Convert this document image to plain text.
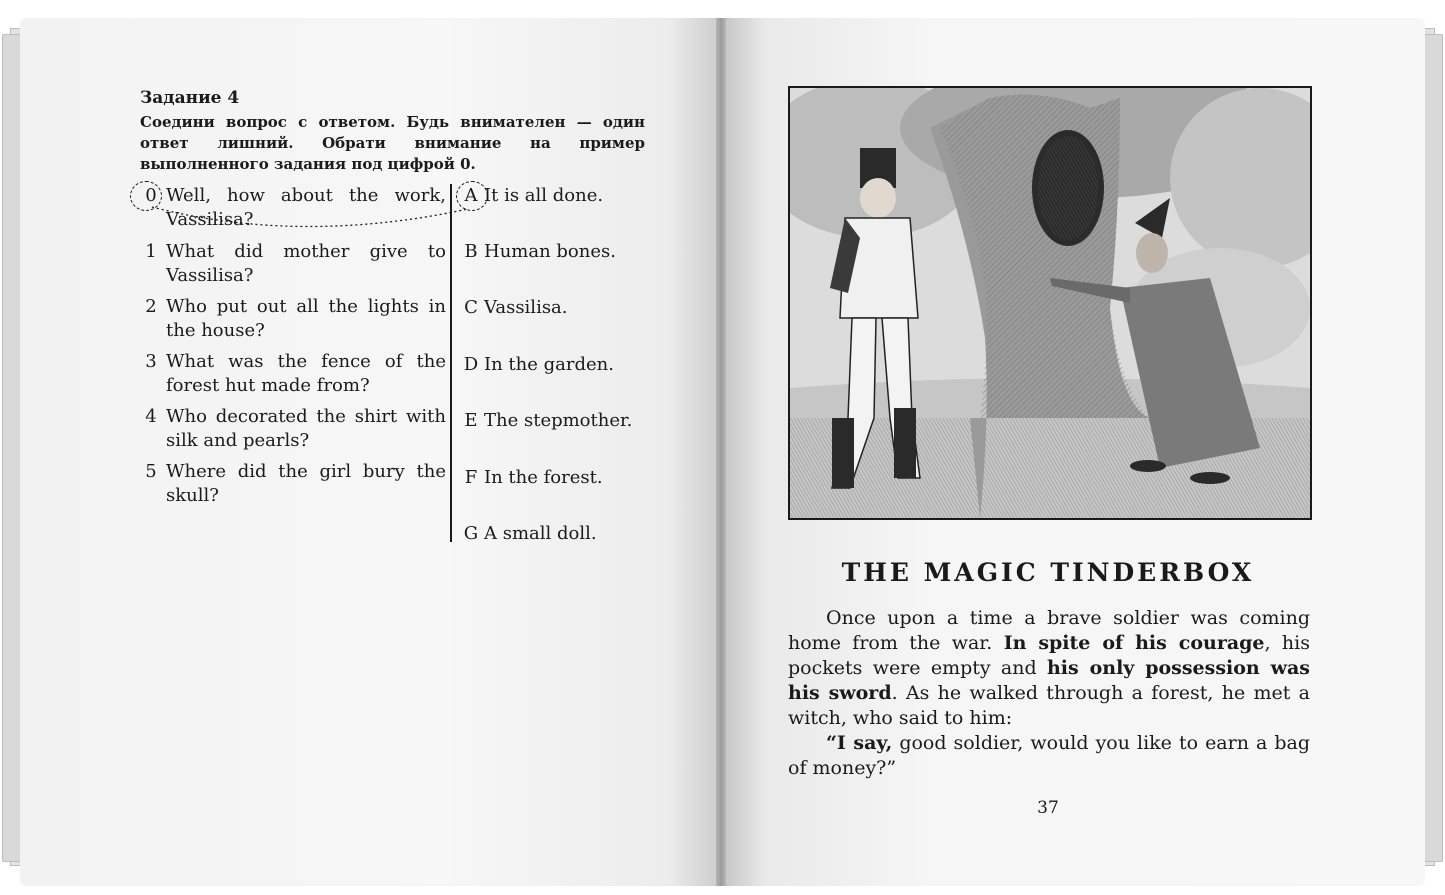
Задание 4

Соедини вопрос с ответом. Будь внимателен — один ответ лишний. Обрати внимание на пример выполненного задания под цифрой 0.

0 Well, how about the work, Vassilisa?
1 What did mother give to Vassilisa?
2 Who put out all the lights in the house?
3 What was the fence of the forest hut made from?
4 Who decorated the shirt with silk and pearls?
5 Where did the girl bury the skull?
A It is all done.
B Human bones.
C Vassilisa.
D In the garden.
E The stepmother.
F In the forest.
G A small doll.
THE MAGIC TINDERBOX

Once upon a time a brave soldier was coming home from the war. In spite of his courage, his pockets were empty and his only possession was his sword. As he walked through a forest, he met a witch, who said to him:

“I say, good soldier, would you like to earn a bag of money?”

37
